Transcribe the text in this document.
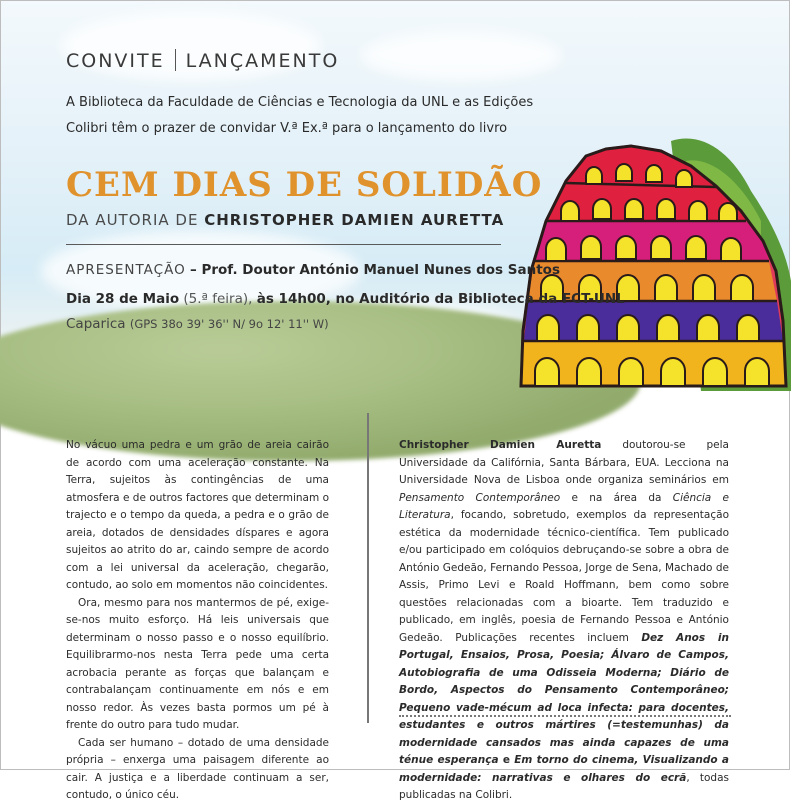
CONVITE LANÇAMENTO
A Biblioteca da Faculdade de Ciências e Tecnologia da UNL e as Edições
Colibri têm o prazer de convidar V.ª Ex.ª para o lançamento do livro
CEM DIAS DE SOLIDÃO
DA AUTORIA DE CHRISTOPHER DAMIEN AURETTA
APRESENTAÇÃO – Prof. Doutor António Manuel Nunes dos Santos
Dia 28 de Maio (5.ª feira), às 14h00, no Auditório da Biblioteca da FCT-UNL
Caparica (GPS 38o 39' 36'' N/ 9o 12' 11'' W)

No vácuo uma pedra e um grão de areia cairão de acordo com uma aceleração constante. Na Terra, sujeitos às contingências de uma atmosfera e de outros factores que determinam o trajecto e o tempo da queda, a pedra e o grão de areia, dotados de densidades díspares e agora sujeitos ao atrito do ar, caindo sempre de acordo com a lei universal da aceleração, chegarão, contudo, ao solo em momentos não coincidentes.

Ora, mesmo para nos mantermos de pé, exige-se-nos muito esforço. Há leis universais que determinam o nosso passo e o nosso equilíbrio. Equilibrarmo-nos nesta Terra pede uma certa acrobacia perante as forças que balançam e contrabalançam continuamente em nós e em nosso redor. Às vezes basta pormos um pé à frente do outro para tudo mudar.

Cada ser humano – dotado de uma densidade própria – enxerga uma paisagem diferente ao cair. A justiça e a liberdade continuam a ser, contudo, o único céu.

Christopher Damien Auretta doutorou-se pela Universidade da Califórnia, Santa Bárbara, EUA. Lecciona na Universidade Nova de Lisboa onde organiza seminários em Pensamento Contemporâneo e na área da Ciência e Literatura, focando, sobretudo, exemplos da representação estética da modernidade técnico-científica. Tem publicado e/ou participado em colóquios debruçando-se sobre a obra de António Gedeão, Fernando Pessoa, Jorge de Sena, Machado de Assis, Primo Levi e Roald Hoffmann, bem como sobre questões relacionadas com a bioarte. Tem traduzido e publicado, em inglês, poesia de Fernando Pessoa e António Gedeão. Publicações recentes incluem Dez Anos in Portugal, Ensaios, Prosa, Poesia; Álvaro de Campos, Autobiografia de uma Odisseia Moderna; Diário de Bordo, Aspectos do Pensamento Contemporâneo; Pequeno vade-mécum ad loca infecta: para docentes, estudantes e outros mártires (=testemunhas) da modernidade cansados mas ainda capazes de uma ténue esperança e Em torno do cinema, Visualizando a modernidade: narrativas e olhares do ecrã, todas publicadas na Colibri.
